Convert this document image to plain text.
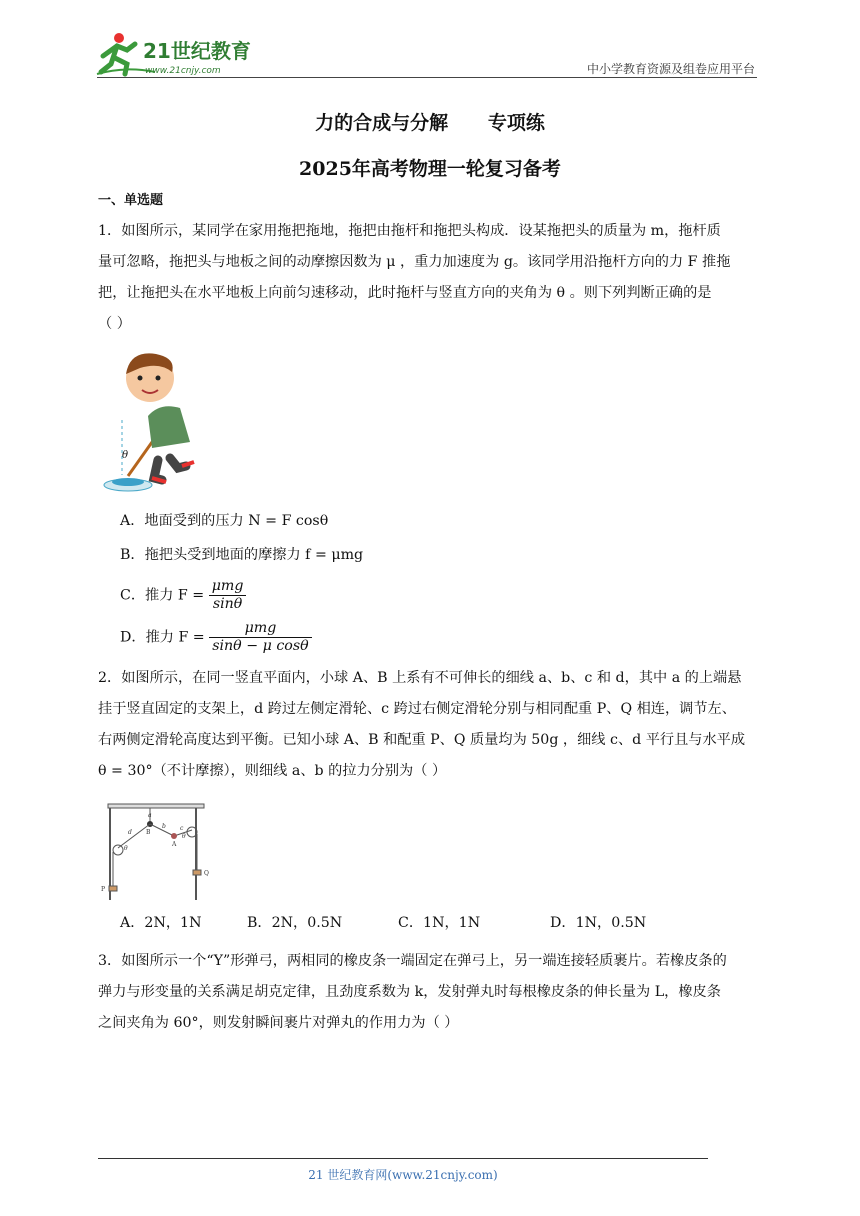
21世纪教育
www.21cnjy.com	中小学教育资源及组卷应用平台
力的合成与分解      专项练
2025年高考物理一轮复习备考
一、单选题
1．如图所示，某同学在家用拖把拖地，拖把由拖杆和拖把头构成．设某拖把头的质量为 m，拖杆质
量可忽略，拖把头与地板之间的动摩擦因数为 μ ，重力加速度为 g。该同学用沿拖杆方向的力 F 推拖
把，让拖把头在水平地板上向前匀速移动，此时拖杆与竖直方向的夹角为 θ 。则下列判断正确的是
（ ）
θ
A．地面受到的压力 N = F cosθ
B．拖把头受到地面的摩擦力 f = μmg
C．推力 $F = \frac{\text{μmg}}{\sin\theta}$
D．推力 $F = \frac{\text{μmg}}{\text{sinθ − μ cosθ}}$
2．如图所示，在同一竖直平面内，小球 A、B 上系有不可伸长的细线 a、b、c 和 d，其中 a 的上端悬
挂于竖直固定的支架上，d 跨过左侧定滑轮、c 跨过右侧定滑轮分别与相同配重 P、Q 相连，调节左、
右两侧定滑轮高度达到平衡。已知小球 A、B 和配重 P、Q 质量均为 50g ，细线 c、d 平行且与水平成
θ = 30°（不计摩擦），则细线 a、b 的拉力分别为（ ）
a
b c
d B
A
P
Q
θ
θ
A．2N，1N	B．2N，0.5N	C．1N，1N	D．1N，0.5N
3．如图所示一个“Y”形弹弓，两相同的橡皮条一端固定在弹弓上，另一端连接轻质裹片。若橡皮条的
弹力与形变量的关系满足胡克定律，且劲度系数为 k，发射弹丸时每根橡皮条的伸长量为 L，橡皮条
之间夹角为 60°，则发射瞬间裹片对弹丸的作用力为（ ）
21 世纪教育网(www.21cnjy.com)
